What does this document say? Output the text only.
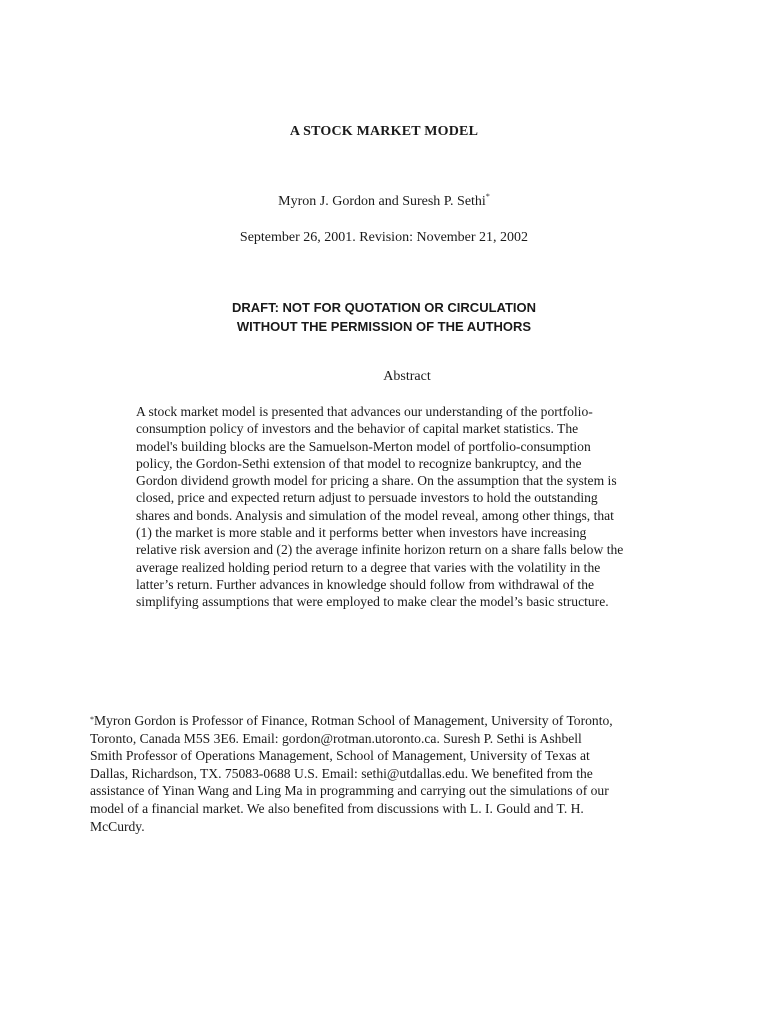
A STOCK MARKET MODEL
Myron J. Gordon and Suresh P. Sethi*
September 26, 2001. Revision: November 21, 2002
DRAFT: NOT FOR QUOTATION OR CIRCULATION
WITHOUT THE PERMISSION OF THE AUTHORS
Abstract
A stock market model is presented that advances our understanding of the portfolio-
consumption policy of investors and the behavior of capital market statistics. The
model's building blocks are the Samuelson-Merton model of portfolio-consumption
policy, the Gordon-Sethi extension of that model to recognize bankruptcy, and the
Gordon dividend growth model for pricing a share. On the assumption that the system is
closed, price and expected return adjust to persuade investors to hold the outstanding
shares and bonds. Analysis and simulation of the model reveal, among other things, that
(1) the market is more stable and it performs better when investors have increasing
relative risk aversion and (2) the average infinite horizon return on a share falls below the
average realized holding period return to a degree that varies with the volatility in the
latter’s return. Further advances in knowledge should follow from withdrawal of the
simplifying assumptions that were employed to make clear the model’s basic structure.
*Myron Gordon is Professor of Finance, Rotman School of Management, University of Toronto,
Toronto, Canada M5S 3E6. Email: gordon@rotman.utoronto.ca. Suresh P. Sethi is Ashbell
Smith Professor of Operations Management, School of Management, University of Texas at
Dallas, Richardson, TX. 75083-0688 U.S. Email: sethi@utdallas.edu. We benefited from the
assistance of Yinan Wang and Ling Ma in programming and carrying out the simulations of our
model of a financial market. We also benefited from discussions with L. I. Gould and T. H.
McCurdy.
